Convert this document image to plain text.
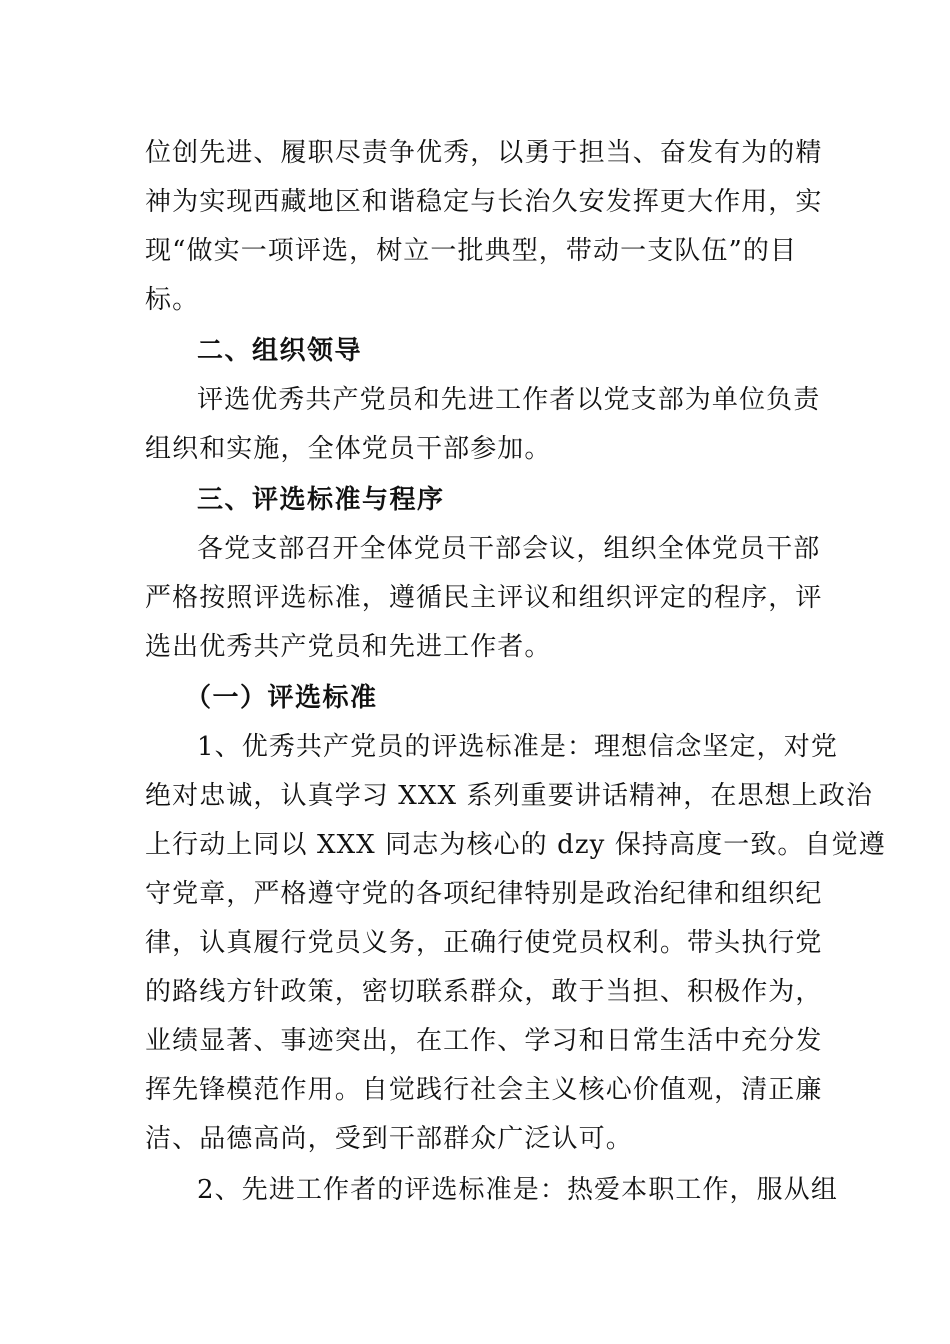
位创先进、履职尽责争优秀，以勇于担当、奋发有为的精
神为实现西藏地区和谐稳定与长治久安发挥更大作用，实
现“做实一项评选，树立一批典型，带动一支队伍”的目
标。
二、组织领导
评选优秀共产党员和先进工作者以党支部为单位负责
组织和实施，全体党员干部参加。
三、评选标准与程序
各党支部召开全体党员干部会议，组织全体党员干部
严格按照评选标准，遵循民主评议和组织评定的程序，评
选出优秀共产党员和先进工作者。
（一）评选标准
1、优秀共产党员的评选标准是：理想信念坚定，对党
绝对忠诚，认真学习 XXX 系列重要讲话精神，在思想上政治
上行动上同以 XXX 同志为核心的 dzy 保持高度一致。自觉遵
守党章，严格遵守党的各项纪律特别是政治纪律和组织纪
律，认真履行党员义务，正确行使党员权利。带头执行党
的路线方针政策，密切联系群众，敢于当担、积极作为，
业绩显著、事迹突出，在工作、学习和日常生活中充分发
挥先锋模范作用。自觉践行社会主义核心价值观，清正廉
洁、品德高尚，受到干部群众广泛认可。
2、先进工作者的评选标准是：热爱本职工作，服从组
